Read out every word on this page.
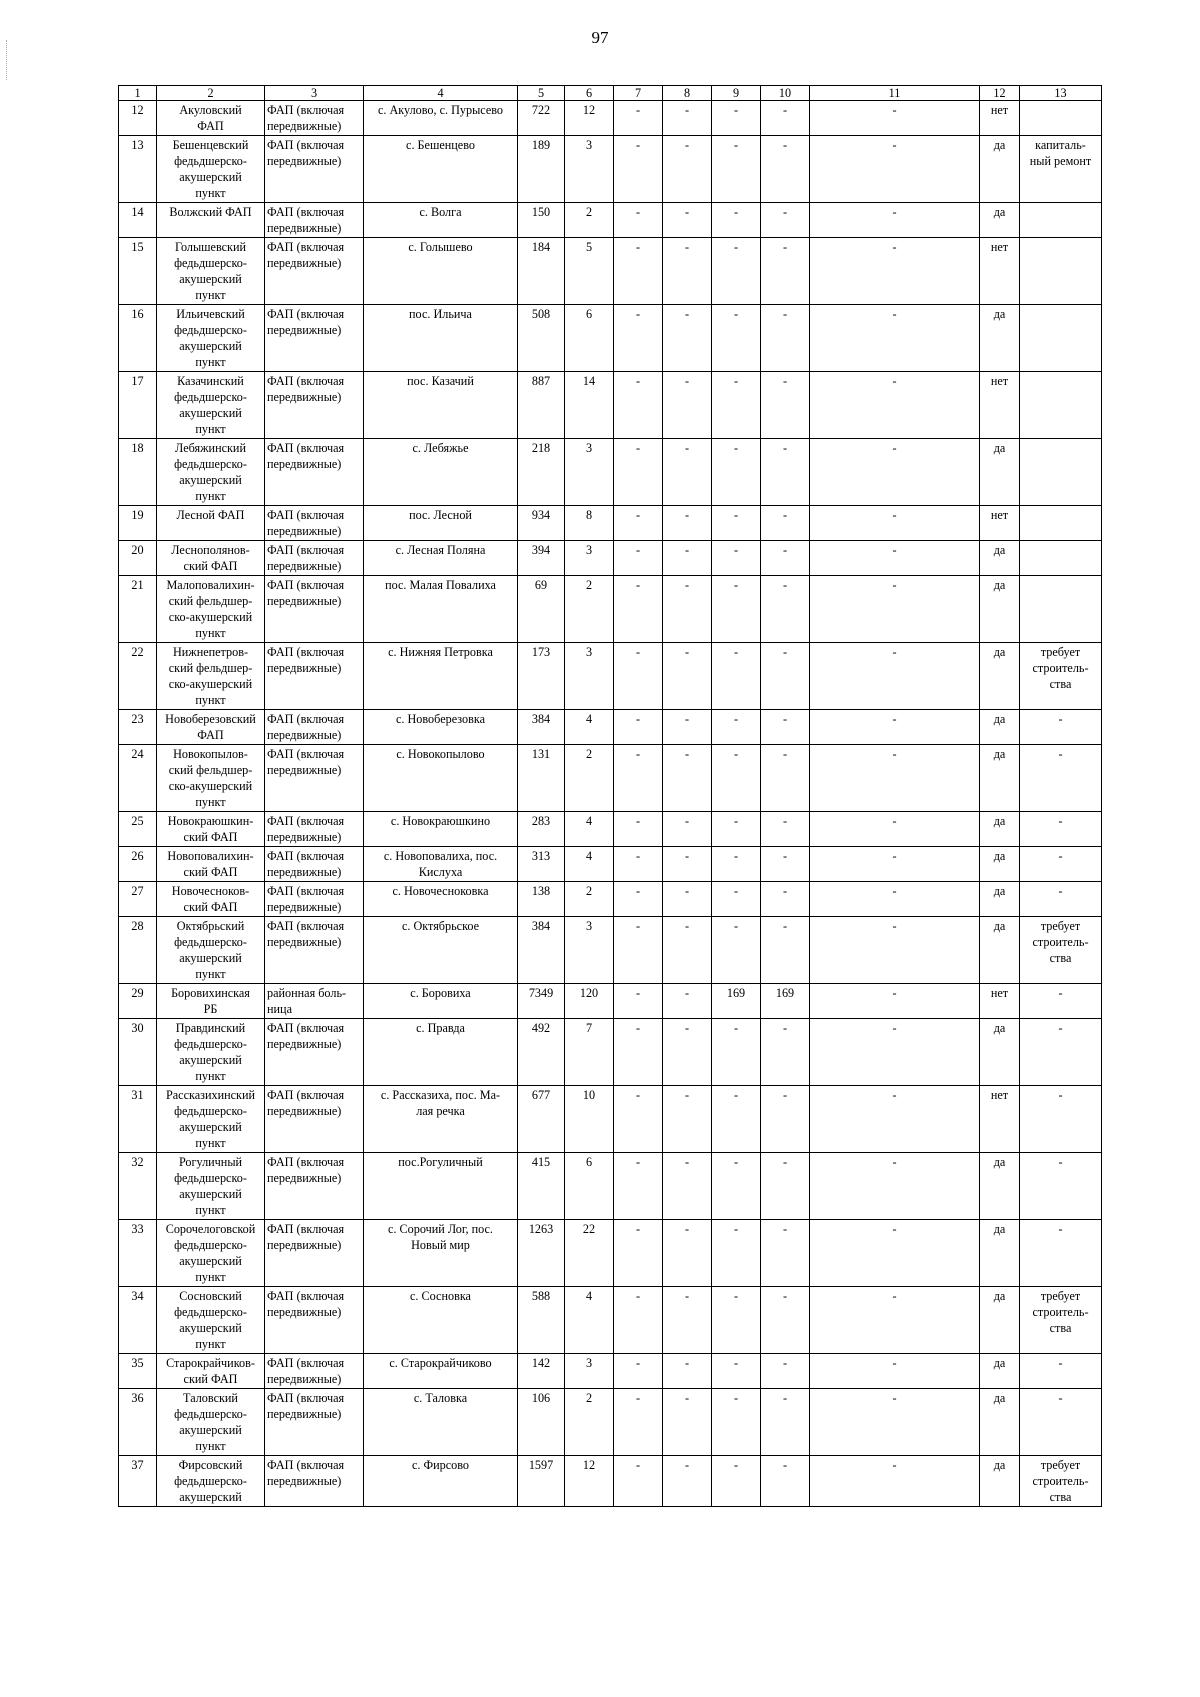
97
1	2	3	4	5	6	7	8	9	10	11	12	13
12	Акуловский
ФАП	ФАП (включая
передвижные)	с. Акулово, с. Пурысево	722	12	-	-	-	-	-	нет	
13	Бешенцевский
федьдшерско-
акушерский
пункт	ФАП (включая
передвижные)	с. Бешенцево	189	3	-	-	-	-	-	да	капиталь-
ный ремонт
14	Волжский ФАП	ФАП (включая
передвижные)	с. Волга	150	2	-	-	-	-	-	да	
15	Голышевский
федьдшерско-
акушерский
пункт	ФАП (включая
передвижные)	с. Голышево	184	5	-	-	-	-	-	нет	
16	Ильичевский
федьдшерско-
акушерский
пункт	ФАП (включая
передвижные)	пос. Ильича	508	6	-	-	-	-	-	да	
17	Казачинский
федьдшерско-
акушерский
пункт	ФАП (включая
передвижные)	пос. Казачий	887	14	-	-	-	-	-	нет	
18	Лебяжинский
федьдшерско-
акушерский
пункт	ФАП (включая
передвижные)	с. Лебяжье	218	3	-	-	-	-	-	да	
19	Лесной ФАП	ФАП (включая
передвижные)	пос. Лесной	934	8	-	-	-	-	-	нет	
20	Леснополянов-
ский ФАП	ФАП (включая
передвижные)	с. Лесная Поляна	394	3	-	-	-	-	-	да	
21	Малоповалихин-
ский фельдшер-
ско-акушерский
пункт	ФАП (включая
передвижные)	пос. Малая Повалиха	69	2	-	-	-	-	-	да	
22	Нижнепетров-
ский фельдшер-
ско-акушерский
пункт	ФАП (включая
передвижные)	с. Нижняя Петровка	173	3	-	-	-	-	-	да	требует
строитель-
ства
23	Новоберезовский
ФАП	ФАП (включая
передвижные)	с. Новоберезовка	384	4	-	-	-	-	-	да	-
24	Новокопылов-
ский фельдшер-
ско-акушерский
пункт	ФАП (включая
передвижные)	с. Новокопылово	131	2	-	-	-	-	-	да	-
25	Новокраюшкин-
ский ФАП	ФАП (включая
передвижные)	с. Новокраюшкино	283	4	-	-	-	-	-	да	-
26	Новоповалихин-
ский ФАП	ФАП (включая
передвижные)	с. Новоповалиха, пос.
Кислуха	313	4	-	-	-	-	-	да	-
27	Новочесноков-
ский ФАП	ФАП (включая
передвижные)	с. Новочесноковка	138	2	-	-	-	-	-	да	-
28	Октябрьский
федьдшерско-
акушерский
пункт	ФАП (включая
передвижные)	с. Октябрьское	384	3	-	-	-	-	-	да	требует
строитель-
ства
29	Боровихинская
РБ	районная боль-
ница	с. Боровиха	7349	120	-	-	169	169	-	нет	-
30	Правдинский
федьдшерско-
акушерский
пункт	ФАП (включая
передвижные)	с. Правда	492	7	-	-	-	-	-	да	-
31	Рассказихинский
федьдшерско-
акушерский
пункт	ФАП (включая
передвижные)	с. Рассказиха, пос. Ма-
лая речка	677	10	-	-	-	-	-	нет	-
32	Рогуличный
федьдшерско-
акушерский
пункт	ФАП (включая
передвижные)	пос.Рогуличный	415	6	-	-	-	-	-	да	-
33	Сорочелоговской
федьдшерско-
акушерский
пункт	ФАП (включая
передвижные)	с. Сорочий Лог, пос.
Новый мир	1263	22	-	-	-	-	-	да	-
34	Сосновский
федьдшерско-
акушерский
пункт	ФАП (включая
передвижные)	с. Сосновка	588	4	-	-	-	-	-	да	требует
строитель-
ства
35	Старокрайчиков-
ский ФАП	ФАП (включая
передвижные)	с. Старокрайчиково	142	3	-	-	-	-	-	да	-
36	Таловский
федьдшерско-
акушерский
пункт	ФАП (включая
передвижные)	с. Таловка	106	2	-	-	-	-	-	да	-
37	Фирсовский
федьдшерско-
акушерский	ФАП (включая
передвижные)	с. Фирсово	1597	12	-	-	-	-	-	да	требует
строитель-
ства
